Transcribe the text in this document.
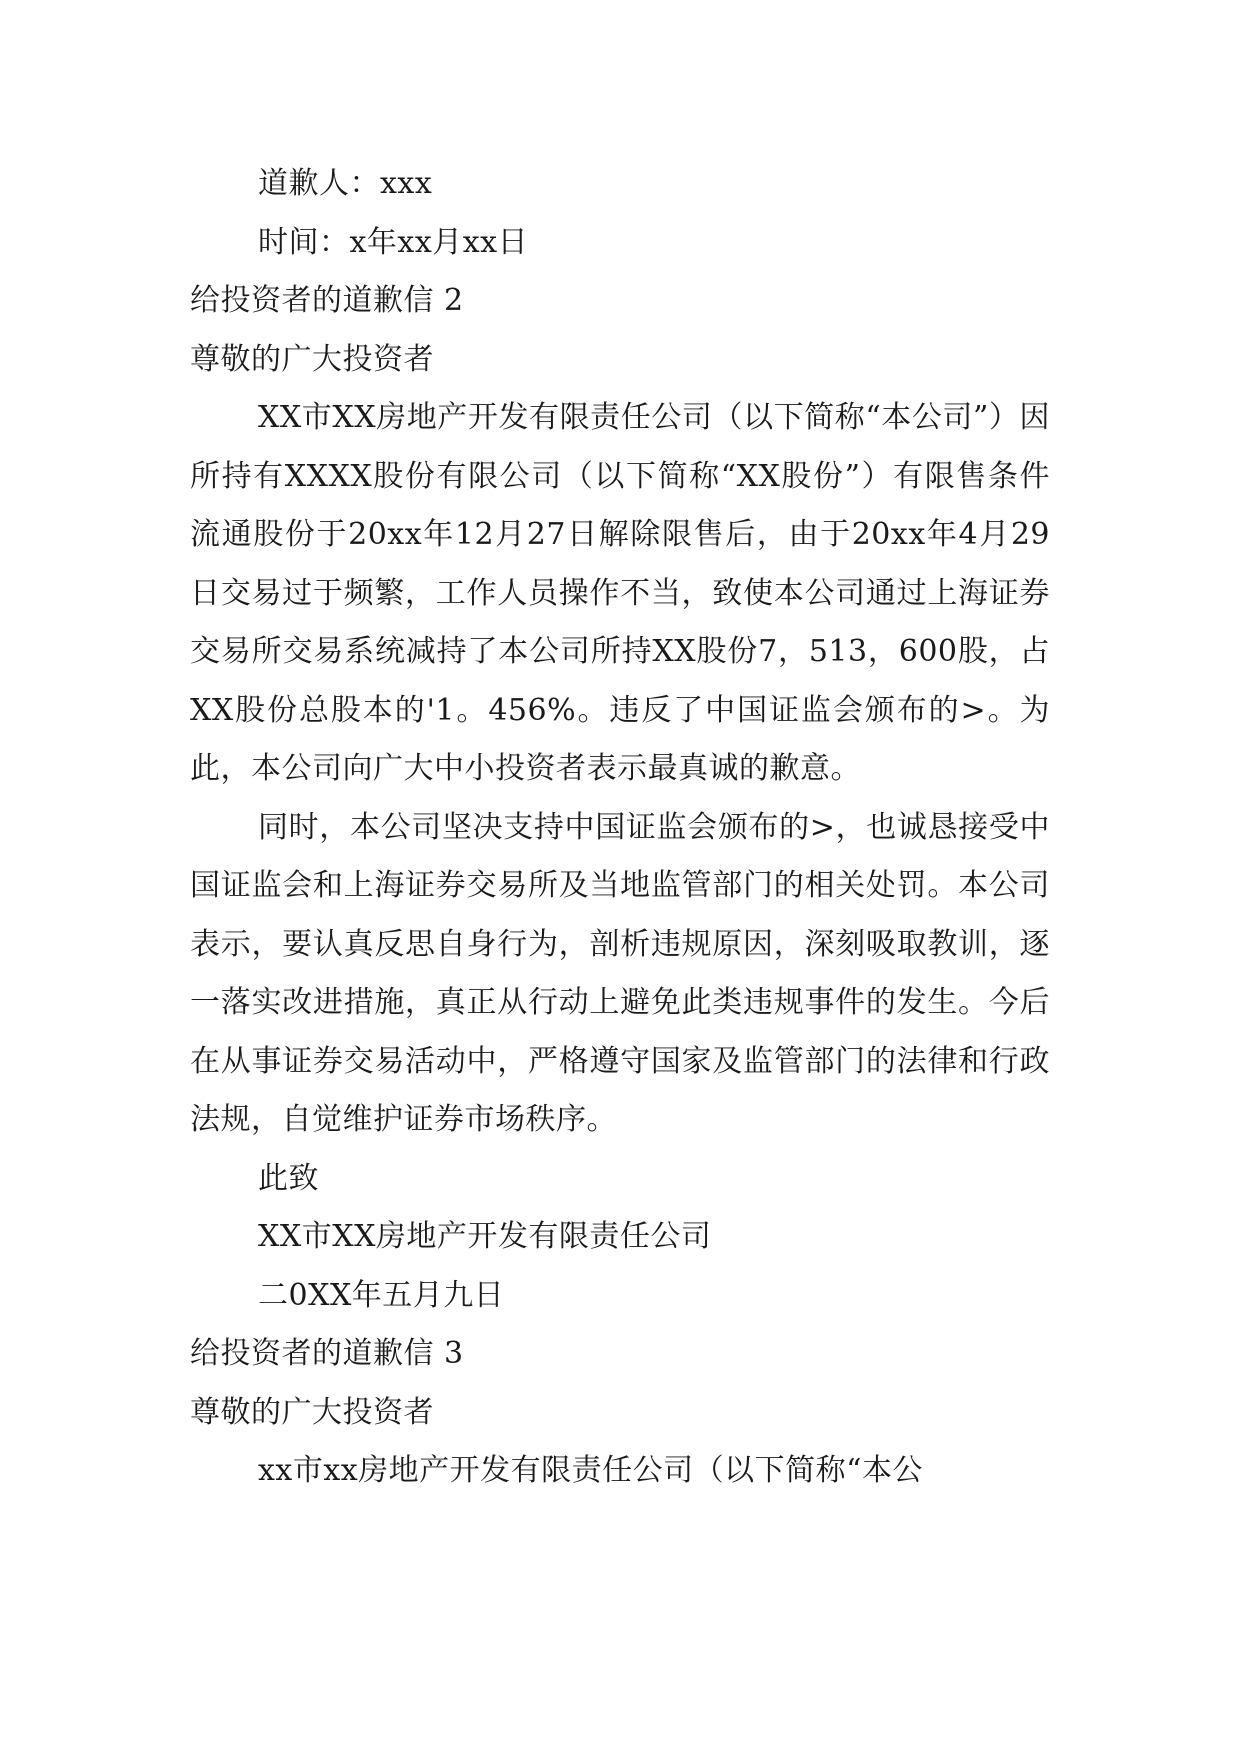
道歉人：xxx
时间：x年xx月xx日
给投资者的道歉信 2
尊敬的广大投资者

XX市XX房地产开发有限责任公司（以下简称“本公司”）因所持有XXXX股份有限公司（以下简称“XX股份”）有限售条件流通股份于20xx年12月27日解除限售后，由于20xx年4月29日交易过于频繁，工作人员操作不当，致使本公司通过上海证券交易所交易系统减持了本公司所持XX股份7，513，600股，占XX股份总股本的'1。456%。违反了中国证监会颁布的>。为此，本公司向广大中小投资者表示最真诚的歉意。

同时，本公司坚决支持中国证监会颁布的>，也诚恳接受中国证监会和上海证券交易所及当地监管部门的相关处罚。本公司表示，要认真反思自身行为，剖析违规原因，深刻吸取教训，逐一落实改进措施，真正从行动上避免此类违规事件的发生。今后在从事证券交易活动中，严格遵守国家及监管部门的法律和行政法规，自觉维护证券市场秩序。

此致
XX市XX房地产开发有限责任公司
二0XX年五月九日
给投资者的道歉信 3
尊敬的广大投资者
xx市xx房地产开发有限责任公司（以下简称“本公
